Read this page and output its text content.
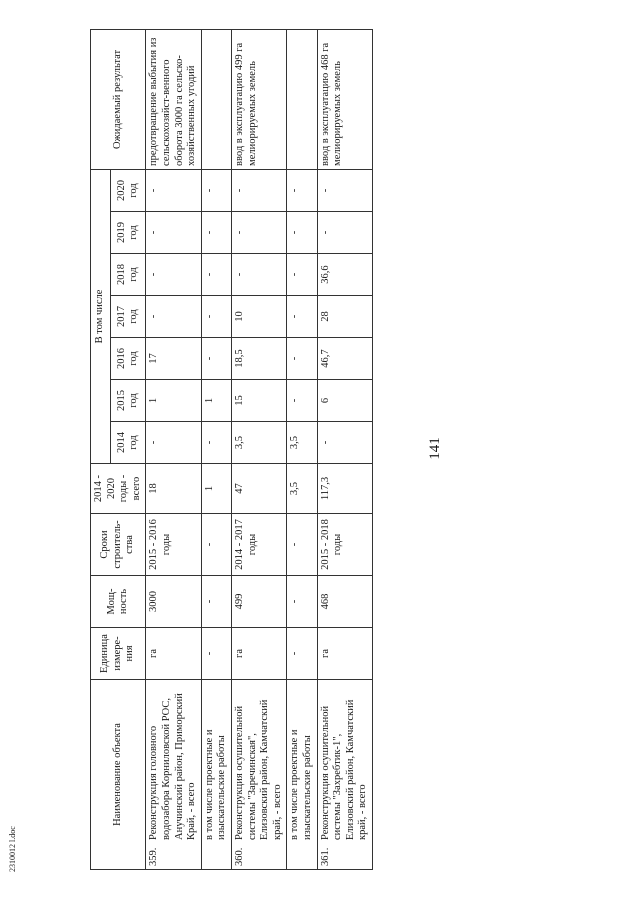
141
Наименование объекта	Единица измере-ния	Мощ-ность	Сроки строитель-ства	2014 - 2020 годы - всего	В том числе							Ожидаемый результат
					2014 год	2015 год	2016 год	2017 год	2018 год	2019 год	2020 год	
359.Реконструкция головного водозабора Корниловской РОС, Анучинский район, Приморский Край, - всего	га	3000	2015 - 2016 годы	18	-	1	17	-	-	-	-	предотвращение выбытия из сельскохозяйст-венного оборота 3000 га сельско-хозяйственных угодий
в том числе проектные и изыскательские работы	-	-	-	1	-	1	-	-	-	-	-	
360.Реконструкция осушительной системы "Заречинская", Елизовский район, Камчатский край, - всего	га	499	2014 - 2017 годы	47	3,5	15	18,5	10	-	-	-	ввод в эксплуатацию 499 га мелиорируемых земель
в том числе проектные и изыскательские работы	-	-	-	3,5	3,5	-	-	-	-	-	-	
361.Реконструкция осушительной системы "Захребтик-1", Елизовский район, Камчатский край, - всего	га	468	2015 - 2018 годы	117,3	-	6	46,7	28	36,6	-	-	ввод в эксплуатацию 468 га мелиорируемых земель
2310012 l.doc
